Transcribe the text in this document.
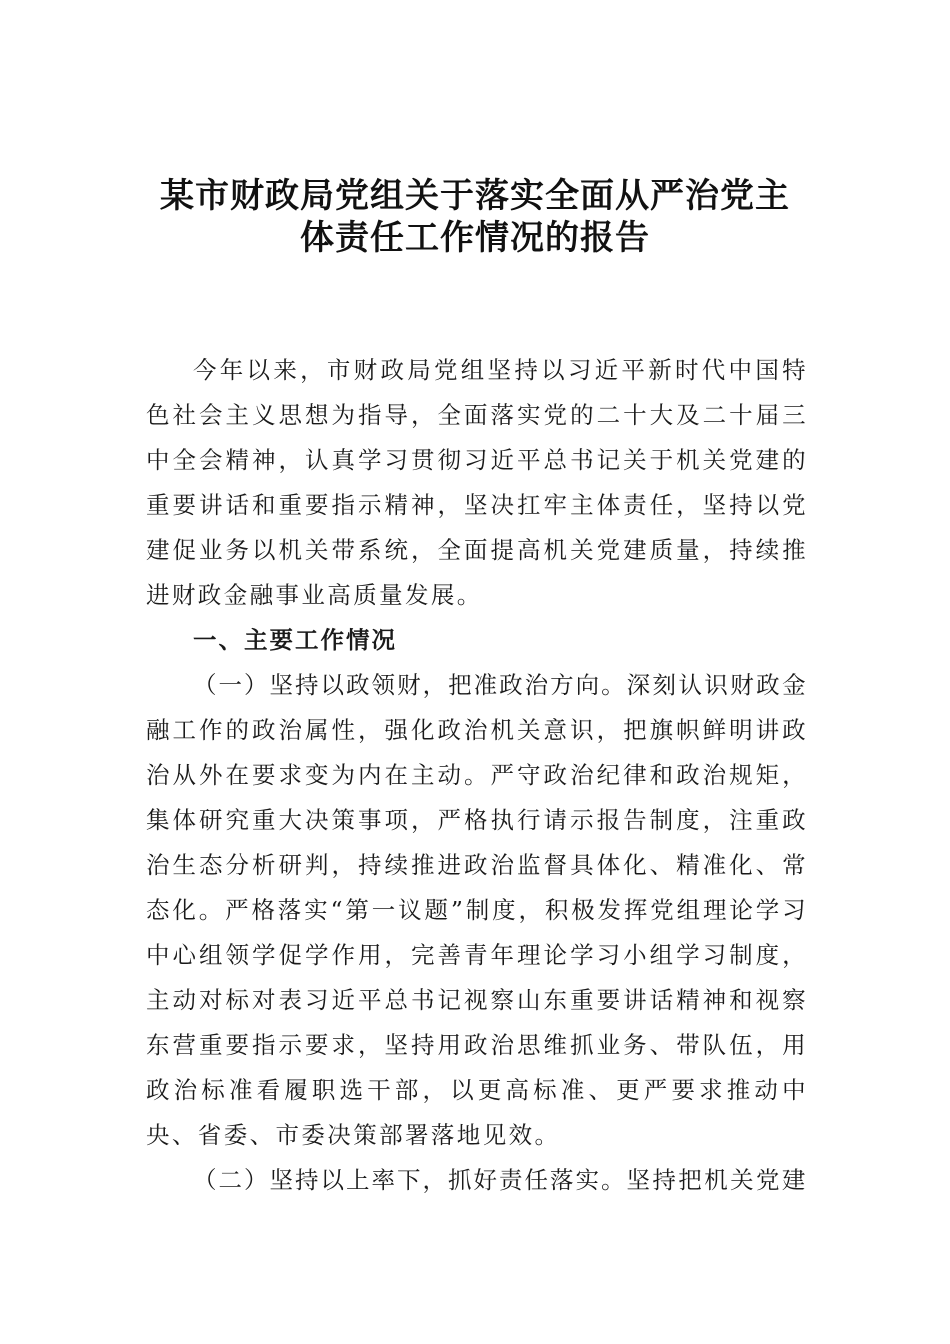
某市财政局党组关于落实全面从严治党主
体责任工作情况的报告

今年以来，市财政局党组坚持以习近平新时代中国特色社会主义思想为指导，全面落实党的二十大及二十届三中全会精神，认真学习贯彻习近平总书记关于机关党建的重要讲话和重要指示精神，坚决扛牢主体责任，坚持以党建促业务以机关带系统，全面提高机关党建质量，持续推进财政金融事业高质量发展。

一、主要工作情况

（一）坚持以政领财，把准政治方向。深刻认识财政金融工作的政治属性，强化政治机关意识，把旗帜鲜明讲政治从外在要求变为内在主动。严守政治纪律和政治规矩，集体研究重大决策事项，严格执行请示报告制度，注重政治生态分析研判，持续推进政治监督具体化、精准化、常态化。严格落实“第一议题”制度，积极发挥党组理论学习中心组领学促学作用，完善青年理论学习小组学习制度，主动对标对表习近平总书记视察山东重要讲话精神和视察东营重要指示要求，坚持用政治思维抓业务、带队伍，用政治标准看履职选干部，以更高标准、更严要求推动中央、省委、市委决策部署落地见效。

（二）坚持以上率下，抓好责任落实。坚持把机关党建
